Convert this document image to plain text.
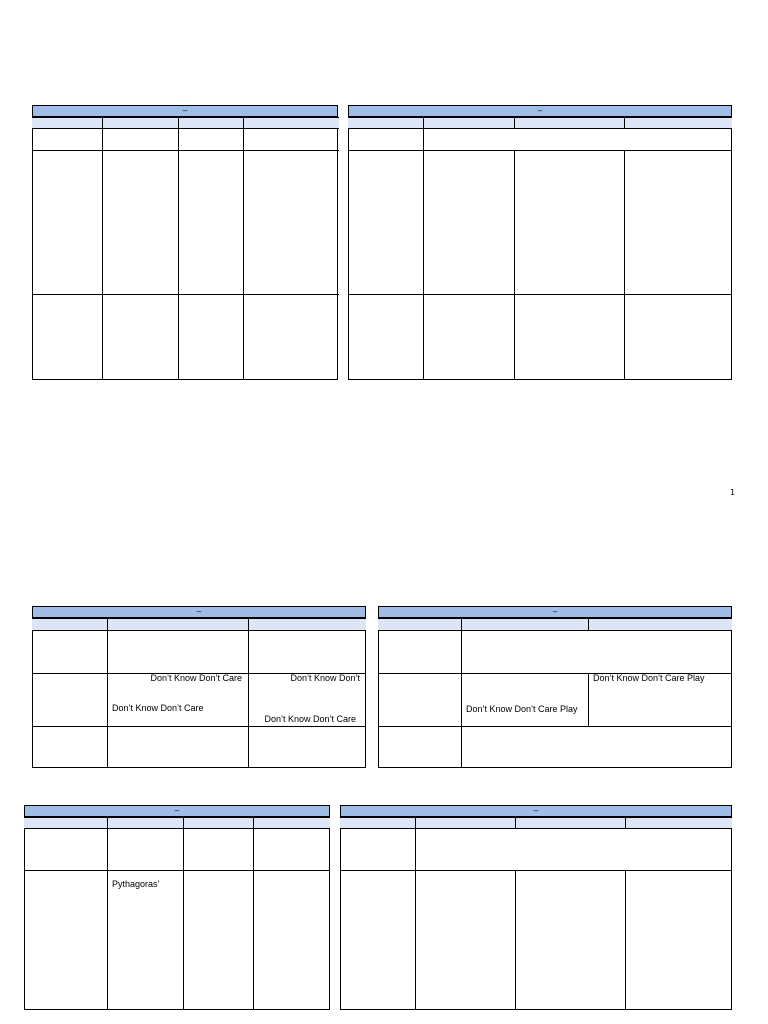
–	–
1
–
Don’t Know Don’t Care
Don’t Know Don’t Care
Don’t Know Don’t
Don’t Know Don’t Care
–
Don’t Know Don’t Care Play
Don’t Know Don’t Care Play
–
Pythagoras’
–
